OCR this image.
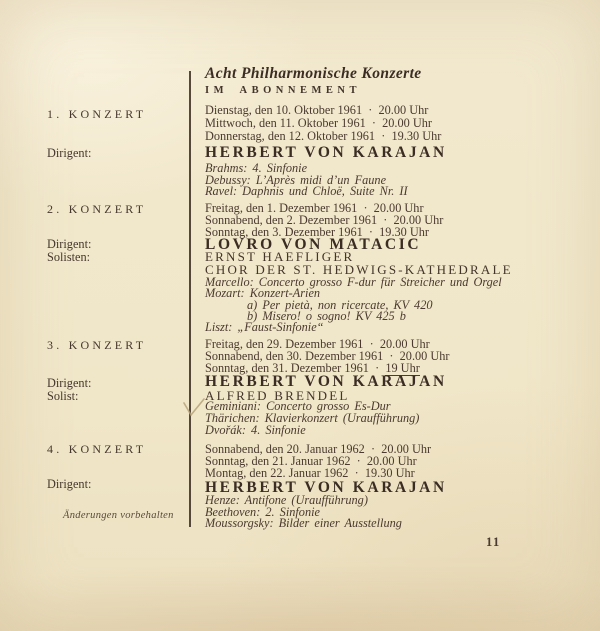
Acht Philharmonische Konzerte
IM ABONNEMENT
1. KONZERT
Dirigent:
Dienstag, den 10. Oktober 1961 · 20.00 Uhr
Mittwoch, den 11. Oktober 1961 · 20.00 Uhr
Donnerstag, den 12. Oktober 1961 · 19.30 Uhr
HERBERT VON KARAJAN
Brahms: 4. Sinfonie
Debussy: L’Après midi d’un Faune
Ravel: Daphnis und Chloë, Suite Nr. II
2. KONZERT
Dirigent:
Solisten:
Freitag, den 1. Dezember 1961 · 20.00 Uhr
Sonnabend, den 2. Dezember 1961 · 20.00 Uhr
Sonntag, den 3. Dezember 1961 · 19.30 Uhr
LOVRO VON MATACIC
ERNST HAEFLIGER
CHOR DER ST. HEDWIGS-KATHEDRALE
Marcello: Concerto grosso F-dur für Streicher und Orgel
Mozart: Konzert-Arien
a) Per pietà, non ricercate, KV 420
b) Misero! o sogno! KV 425 b
Liszt: „Faust-Sinfonie“
3. KONZERT
Dirigent:
Solist:
Freitag, den 29. Dezember 1961 · 20.00 Uhr
Sonnabend, den 30. Dezember 1961 · 20.00 Uhr
Sonntag, den 31. Dezember 1961 · 19 Uhr
HERBERT VON KARAJAN
ALFRED BRENDEL
Geminiani: Concerto grosso Es-Dur
Thärichen: Klavierkonzert (Uraufführung)
Dvořák: 4. Sinfonie
4. KONZERT
Dirigent:
Sonnabend, den 20. Januar 1962 · 20.00 Uhr
Sonntag, den 21. Januar 1962 · 20.00 Uhr
Montag, den 22. Januar 1962 · 19.30 Uhr
HERBERT VON KARAJAN
Henze: Antifone (Uraufführung)
Beethoven: 2. Sinfonie
Moussorgsky: Bilder einer Ausstellung
Änderungen vorbehalten
11
